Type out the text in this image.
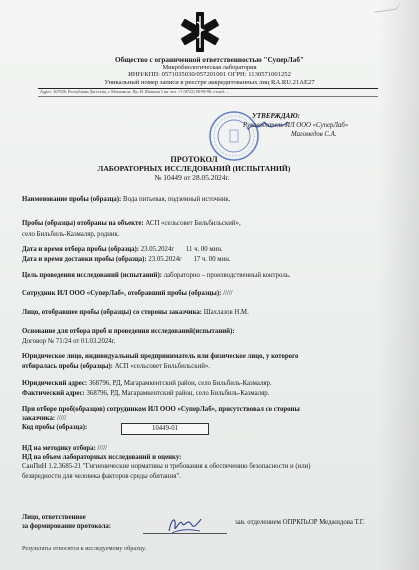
Общество с ограниченной ответственностью "СуперЛаб"
Микробиологическая лаборатория
ИНН/КПП: 0571035030/057201001 ОГРН: 1130571001252
Уникальный номер записи в реестре аккредитованных лиц RA.RU.21AE27
Адрес: 367026, Республика Дагестан, г. Махачкала, Пр. И. Шамиля 1 кв. тел. +7 (8722) 98-98-98, e-mail: ...
УТВЕРЖДАЮ:
Руководитель ИЛ ООО «СуперЛаб»
Магомедов С.А.
ПРОТОКОЛ
ЛАБОРАТОРНЫХ ИССЛЕДОВАНИЙ (ИСПЫТАНИЙ)
№ 10449 от 28.05.2024г.
Наименование пробы (образца): Вода питьевая, подземный источник.
Пробы (образцы) отобраны на объекте: АСП «сельсовет Бильбильский»,
село Бильбиль-Казмаляр, родник.
Дата и время отбора пробы (образца): 23.05.2024г 11 ч. 00 мин.
Дата и время доставки пробы (образца): 23.05.2024г 17 ч. 00 мин.
Цель проведения исследований (испытаний): лабораторно – производственный контроль.
Сотрудник ИЛ ООО «СуперЛаб», отобравший пробы (образцы): /////
Лицо, отобравшее пробы (образцы) со стороны заказчика: Шахлазов Н.М.
Основание для отбора проб и проведения исследований(испытаний):
Договор № 71/24 от 01.03.2024г.
Юридическое лицо, индивидуальный предприниматель или физическое лицо, у которого
отбиралась пробы (образцы): АСП «сельсовет Бильбильский».
Юридический адрес: 368796, РД, Магарамкентский район, село Бильбиль-Казмаляр.
Фактический адрес: 368796, РД, Магарамкентский район, село Бильбиль-Казмаляр.
При отборе проб(образцов) сотрудником ИЛ ООО «СуперЛаб», присутствовал со стороны
заказчика: /////
Код пробы (образца):	10449-01
НД на методику отбора: /////
НД на объем лабораторных исследований и оценку:
СанПиН 1.2.3685-21 "Гигиенические нормативы и требования к обеспечению безопасности и (или)
безвредности для человека факторов среды обитания".
Лицо, ответственное
за формирование протокола:
зав. отделением ОПРКПьОР Меджидова Т.Г.
Результаты относятся к исследуемому образцу.
